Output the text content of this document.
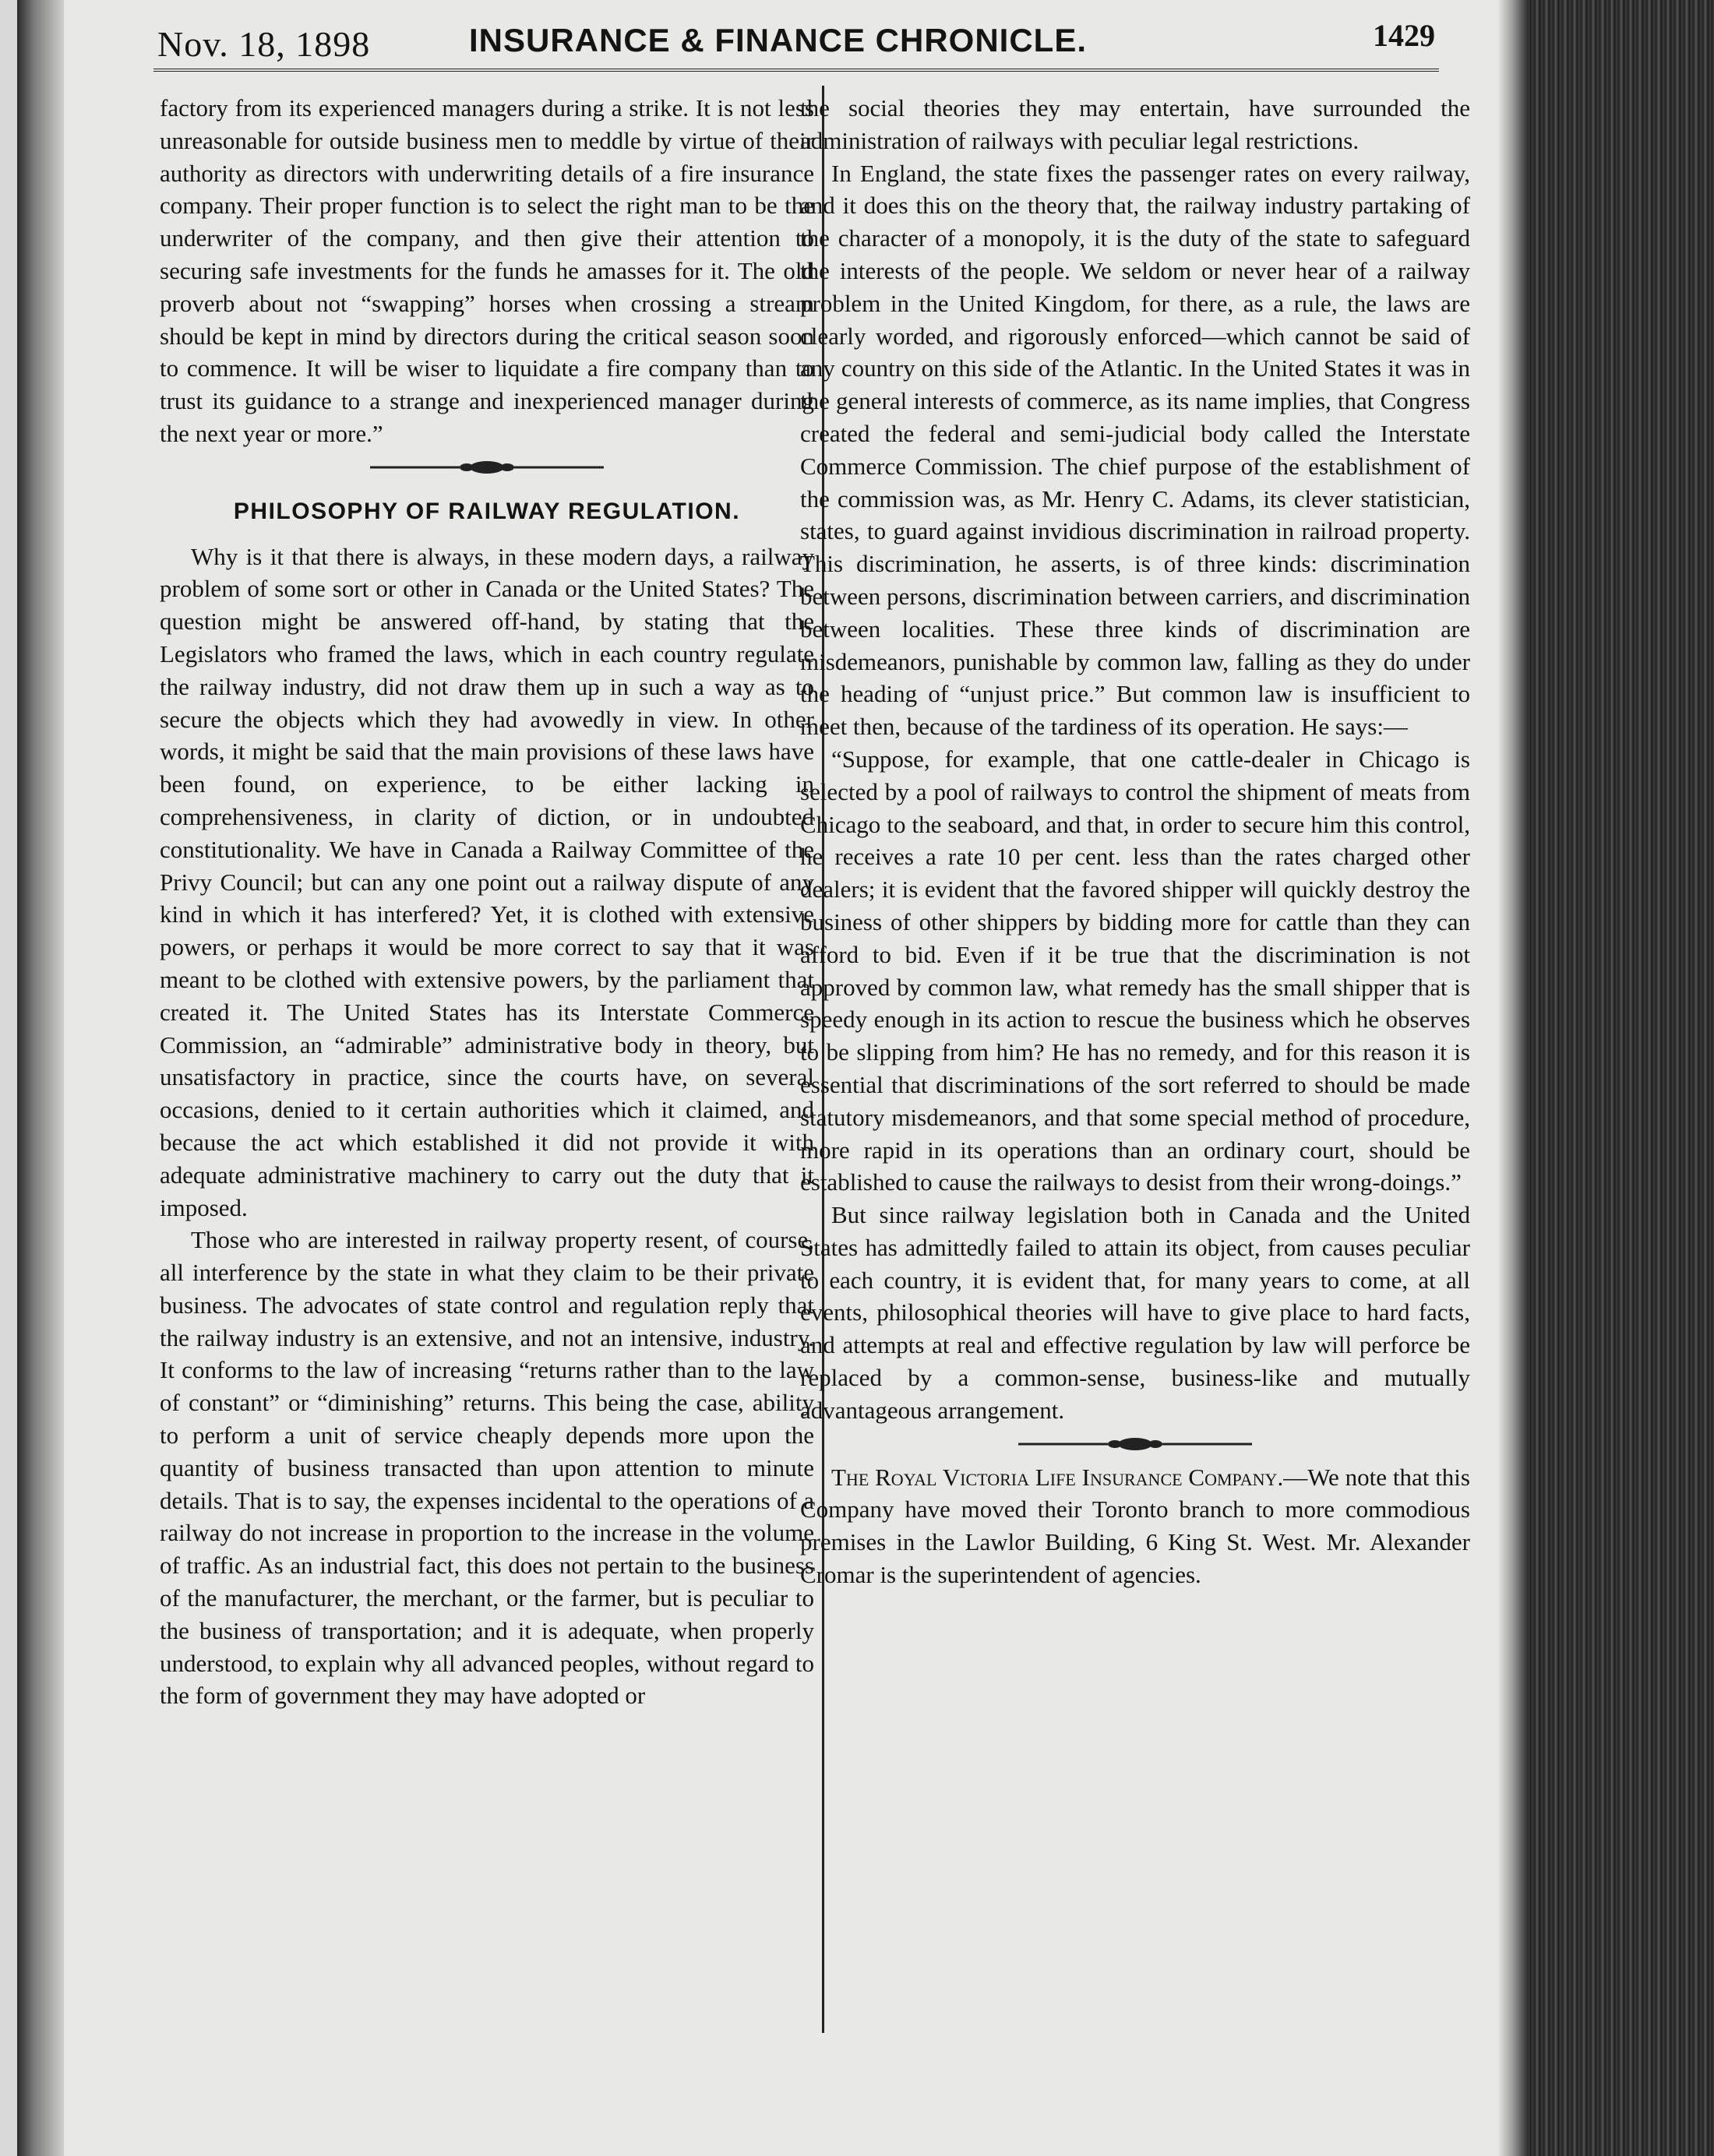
Nov. 18, 1898	INSURANCE & FINANCE CHRONICLE.	1429

factory from its experienced managers during a strike. It is not less unreasonable for outside business men to meddle by virtue of their authority as directors with underwriting details of a fire insurance company. Their proper function is to select the right man to be the underwriter of the company, and then give their attention to securing safe investments for the funds he amasses for it. The old proverb about not “swapping” horses when crossing a stream should be kept in mind by directors during the critical season soon to commence. It will be wiser to liquidate a fire company than to trust its guidance to a strange and inexperienced manager during the next year or more.”

PHILOSOPHY OF RAILWAY REGULATION.

Why is it that there is always, in these modern days, a railway problem of some sort or other in Canada or the United States? The question might be answered off-hand, by stating that the Legislators who framed the laws, which in each country regulate the railway industry, did not draw them up in such a way as to secure the objects which they had avowedly in view. In other words, it might be said that the main provisions of these laws have been found, on experience, to be either lacking in comprehensiveness, in clarity of diction, or in undoubted constitutionality. We have in Canada a Railway Committee of the Privy Council; but can any one point out a railway dispute of any kind in which it has interfered? Yet, it is clothed with extensive powers, or perhaps it would be more correct to say that it was meant to be clothed with extensive powers, by the parliament that created it. The United States has its Interstate Commerce Commission, an “admirable” administrative body in theory, but unsatisfactory in practice, since the courts have, on several occasions, denied to it certain authorities which it claimed, and because the act which established it did not provide it with adequate administrative machinery to carry out the duty that it imposed.

Those who are interested in railway property resent, of course, all interference by the state in what they claim to be their private business. The advocates of state control and regulation reply that the railway industry is an extensive, and not an intensive, industry. It conforms to the law of increasing “returns rather than to the law of constant” or “diminishing” returns. This being the case, ability to perform a unit of service cheaply depends more upon the quantity of business transacted than upon attention to minute details. That is to say, the expenses incidental to the operations of a railway do not increase in proportion to the increase in the volume of traffic. As an industrial fact, this does not pertain to the business of the manufacturer, the merchant, or the farmer, but is peculiar to the business of transportation; and it is adequate, when properly understood, to explain why all advanced peoples, without regard to the form of government they may have adopted or

the social theories they may entertain, have surrounded the administration of railways with peculiar legal restrictions.

In England, the state fixes the passenger rates on every railway, and it does this on the theory that, the railway industry partaking of the character of a monopoly, it is the duty of the state to safeguard the interests of the people. We seldom or never hear of a railway problem in the United Kingdom, for there, as a rule, the laws are clearly worded, and rigorously enforced—which cannot be said of any country on this side of the Atlantic. In the United States it was in the general interests of commerce, as its name implies, that Congress created the federal and semi-judicial body called the Interstate Commerce Commission. The chief purpose of the establishment of the commission was, as Mr. Henry C. Adams, its clever statistician, states, to guard against invidious discrimination in railroad property. This discrimination, he asserts, is of three kinds: discrimination between persons, discrimination between carriers, and discrimination between localities. These three kinds of discrimination are misdemeanors, punishable by common law, falling as they do under the heading of “unjust price.” But common law is insufficient to meet then, because of the tardiness of its operation. He says:—

“Suppose, for example, that one cattle-dealer in Chicago is selected by a pool of railways to control the shipment of meats from Chicago to the seaboard, and that, in order to secure him this control, he receives a rate 10 per cent. less than the rates charged other dealers; it is evident that the favored shipper will quickly destroy the business of other shippers by bidding more for cattle than they can afford to bid. Even if it be true that the discrimination is not approved by common law, what remedy has the small shipper that is speedy enough in its action to rescue the business which he observes to be slipping from him? He has no remedy, and for this reason it is essential that discriminations of the sort referred to should be made statutory misdemeanors, and that some special method of procedure, more rapid in its operations than an ordinary court, should be established to cause the railways to desist from their wrong-doings.”

But since railway legislation both in Canada and the United States has admittedly failed to attain its object, from causes peculiar to each country, it is evident that, for many years to come, at all events, philosophical theories will have to give place to hard facts, and attempts at real and effective regulation by law will perforce be replaced by a common-sense, business-like and mutually advantageous arrangement.

The Royal Victoria Life Insurance Company.—We note that this Company have moved their Toronto branch to more commodious premises in the Lawlor Building, 6 King St. West. Mr. Alexander Cromar is the superintendent of agencies.
